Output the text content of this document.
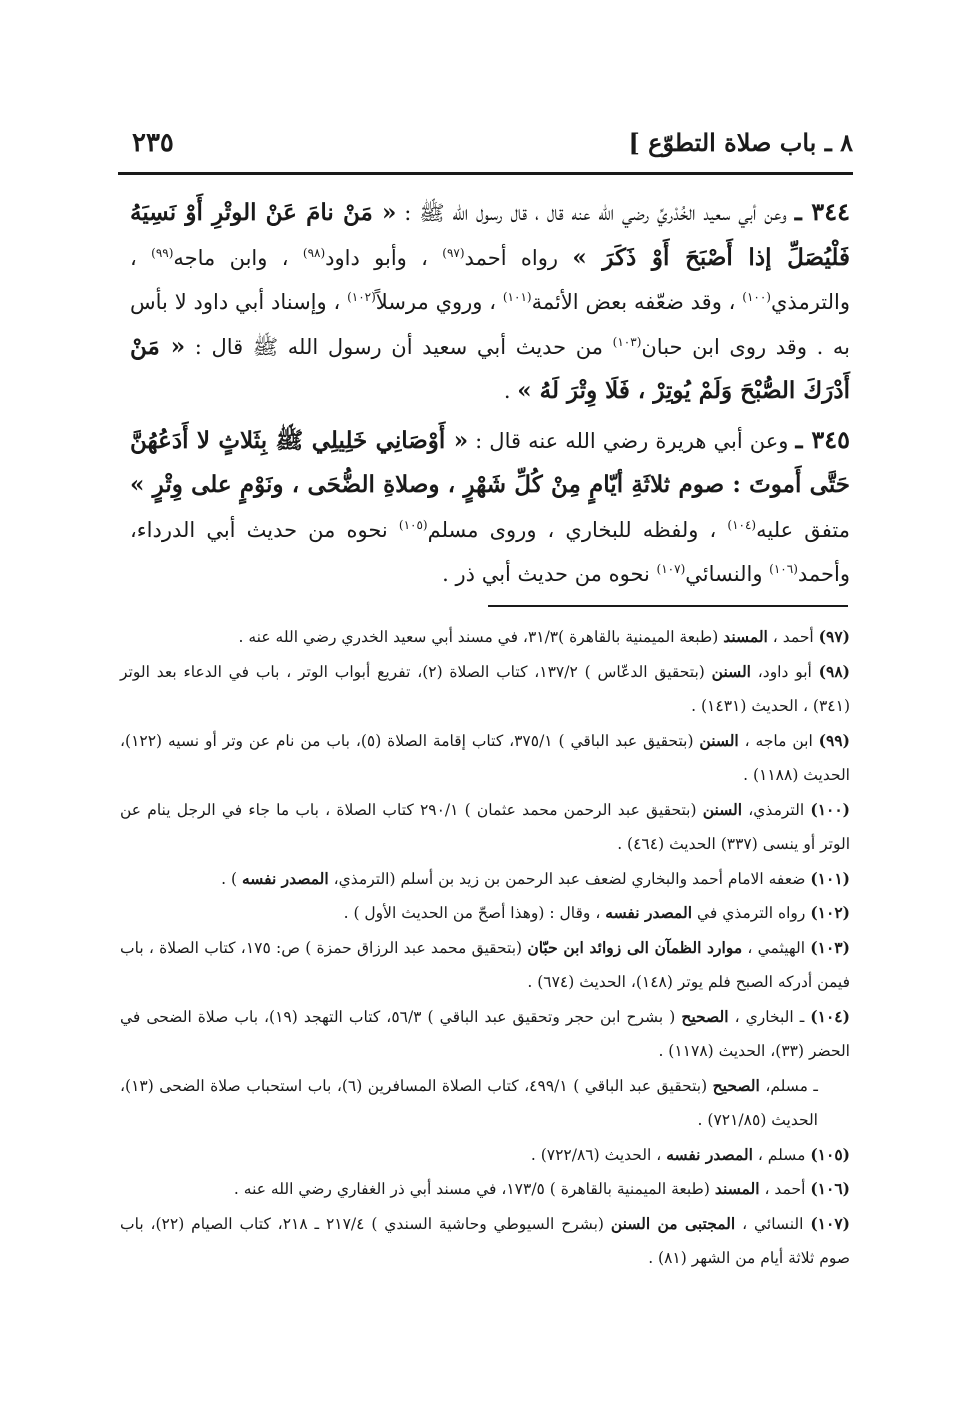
٨ ـ باب صلاة التطوّع ]
٢٣٥

٣٤٤ ـ وعن أبي سعيد الخُدْريِّ رضي الله عنه قال ، قال رسول الله ﷺ : « مَنْ نامَ عَنْ الوتْرِ أَوْ نَسِيَهُ فَلْيُصَلِّ إذا أَصْبَحَ أَوْ ذَكَرَ » رواه أحمد$^{(٩٧)}$ ، وأبو داود$^{(٩٨)}$ ، وابن ماجه$^{(٩٩)}$ ، والترمذي$^{(١٠٠)}$ ، وقد ضعّفه بعض الأئمة$^{(١٠١)}$ ، وروي مرسلاً$^{(١٠٢)}$ ، وإسناد أبي داود لا بأس به . وقد روى ابن حبان$^{(١٠٣)}$ من حديث أبي سعيد أن رسول الله ﷺ قال : « مَنْ أَدْرَكَ الصُّبْحَ وَلَمْ يُوتِرْ ، فَلَا وِتْرَ لَهُ » .

٣٤٥ ـ وعن أبي هريرة رضي الله عنه قال : « أَوْصَانِي خَلِيلِي ﷺ بِثَلاثٍ لا أَدَعُهُنَّ حَتَّى أَموتَ : صوم ثلاثَةِ أيّامٍ مِنْ كُلِّ شَهْرٍ ، وصلاةِ الضُّحَى ، ونَوْمٍ على وِتْرٍ » متفق عليه$^{(١٠٤)}$ ، ولفظه للبخاري ، وروى مسلم$^{(١٠٥)}$ نحوه من حديث أبي الدرداء، وأحمد$^{(١٠٦)}$ والنسائي$^{(١٠٧)}$ نحوه من حديث أبي ذر .

(٩٧) أحمد ، المسند (طبعة الميمنية بالقاهرة )٣١/٣، في مسند أبي سعيد الخدري رضي الله عنه .

(٩٨) أبو داود، السنن (بتحقيق الدعّاس ) ١٣٧/٢، كتاب الصلاة (٢)، تفريع أبواب الوتر ، باب في الدعاء بعد الوتر (٣٤١) ، الحديث (١٤٣١) .

(٩٩) ابن ماجه ، السنن (بتحقيق عبد الباقي ) ٣٧٥/١، كتاب إقامة الصلاة (٥)، باب من نام عن وتر أو نسيه (١٢٢)، الحديث (١١٨٨) .

(١٠٠) الترمذي، السنن (بتحقيق عبد الرحمن محمد عثمان ) ٢٩٠/١ كتاب الصلاة ، باب ما جاء في الرجل ينام عن الوتر أو ينسى (٣٣٧) الحديث (٤٦٤) .

(١٠١) ضعفه الامام أحمد والبخاري لضعف عبد الرحمن بن زيد بن أسلم (الترمذي، المصدر نفسه ) .

(١٠٢) رواه الترمذي في المصدر نفسه ، وقال : (وهذا أصحّ من الحديث الأول ) .

(١٠٣) الهيثمي ، موارد الظمآن الى زوائد ابن حبّان (بتحقيق محمد عبد الرزاق حمزة ) ص: ١٧٥، كتاب الصلاة ، باب فيمن أدركه الصبح فلم يوتر (١٤٨)، الحديث (٦٧٤) .

(١٠٤) ـ البخاري ، الصحيح ( بشرح ابن حجر وتحقيق عبد الباقي ) ٥٦/٣، كتاب التهجد (١٩)، باب صلاة الضحى في الحضر (٣٣)، الحديث (١١٧٨) .

ـ مسلم، الصحيح (بتحقيق عبد الباقي ) ٤٩٩/١، كتاب الصلاة المسافرين (٦)، باب استحباب صلاة الضحى (١٣)، الحديث (٧٢١/٨٥) .

(١٠٥) مسلم ، المصدر نفسه ، الحديث (٧٢٢/٨٦) .

(١٠٦) أحمد ، المسند (طبعة الميمنية بالقاهرة ) ١٧٣/٥، في مسند أبي ذر الغفاري رضي الله عنه .

(١٠٧) النسائي ، المجتبى من السنن (بشرح السيوطي وحاشية السندي ) ٢١٧/٤ ـ ٢١٨، كتاب الصيام (٢٢)، باب صوم ثلاثة أيام من الشهر (٨١) .
